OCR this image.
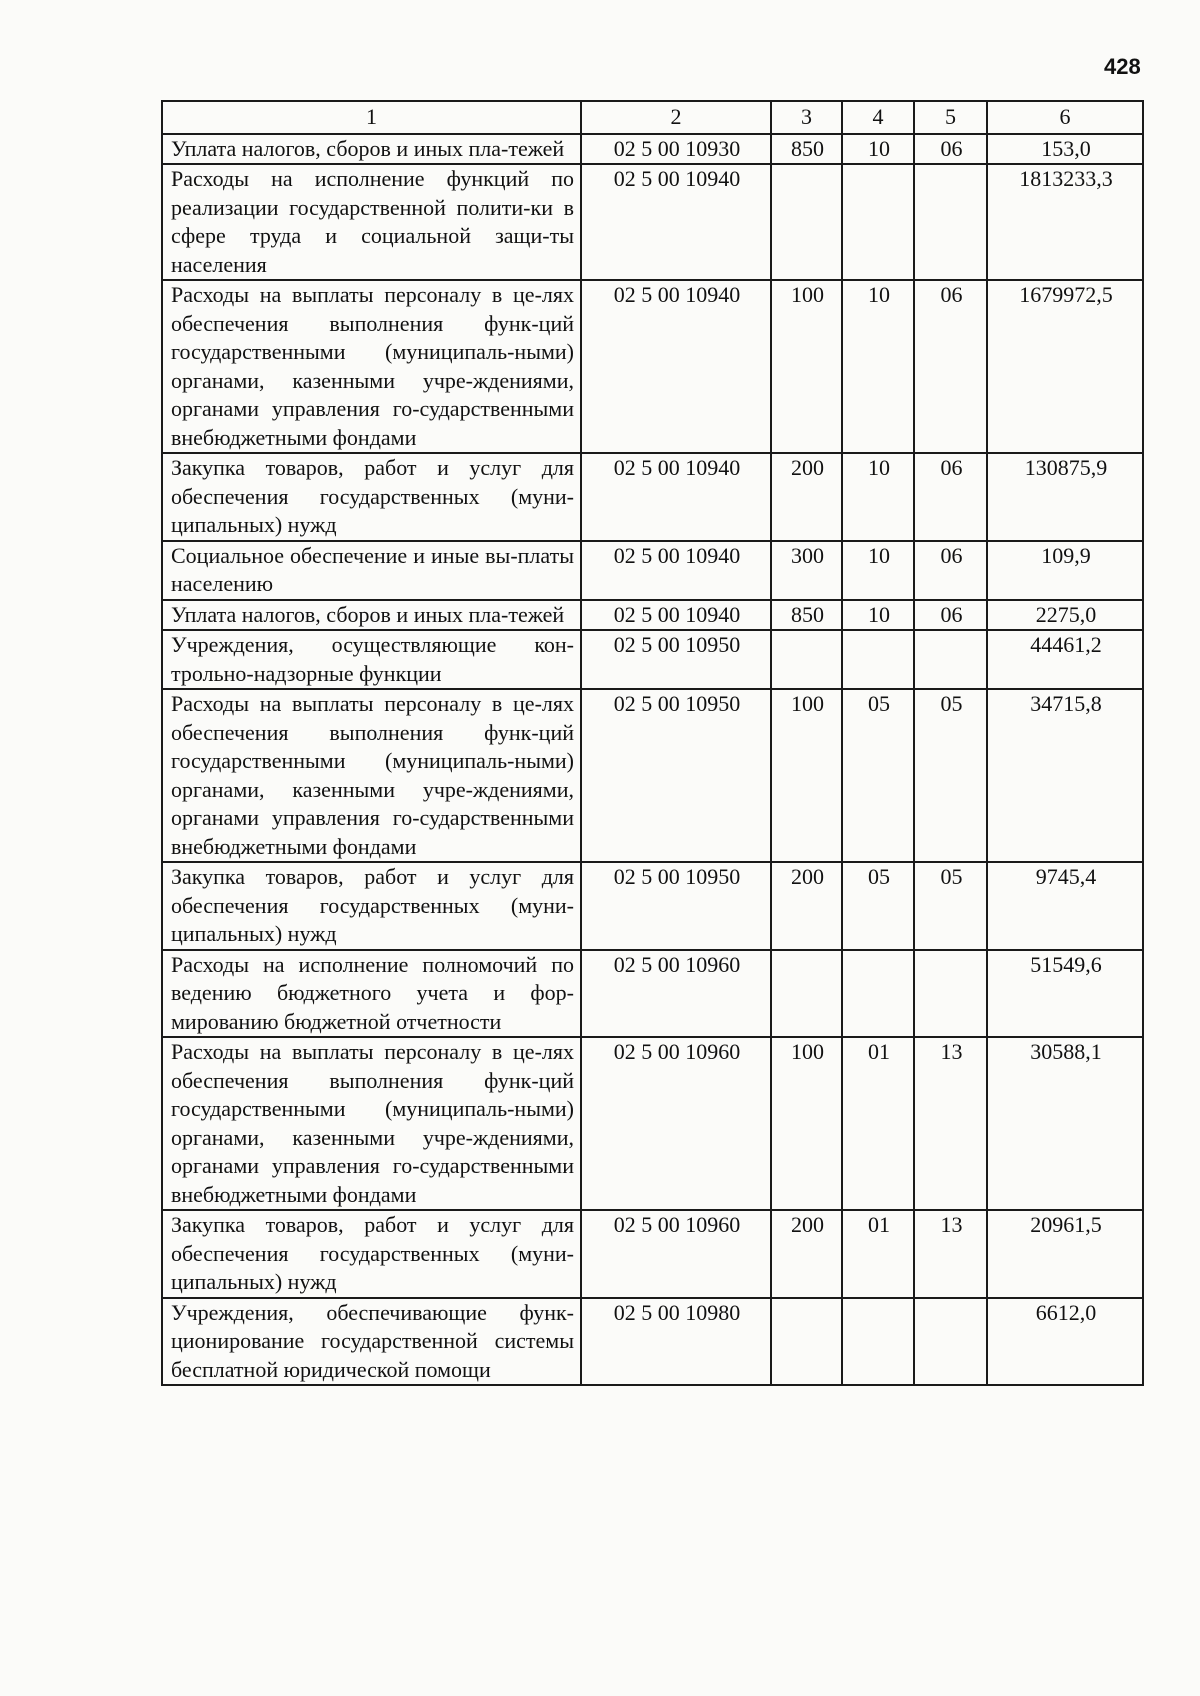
428
1	2	3	4	5	6
Уплата налогов, сборов и иных пла-тежей	02 5 00 10930	850	10	06	153,0
Расходы на исполнение функций по реализации государственной полити-ки в сфере труда и социальной защи-ты населения	02 5 00 10940				1813233,3
Расходы на выплаты персоналу в це-лях обеспечения выполнения функ-ций государственными (муниципаль-ными) органами, казенными учре-ждениями, органами управления го-сударственными внебюджетными фондами	02 5 00 10940	100	10	06	1679972,5
Закупка товаров, работ и услуг для обеспечения государственных (муни-ципальных) нужд	02 5 00 10940	200	10	06	130875,9
Социальное обеспечение и иные вы-платы населению	02 5 00 10940	300	10	06	109,9
Уплата налогов, сборов и иных пла-тежей	02 5 00 10940	850	10	06	2275,0
Учреждения, осуществляющие кон-трольно-надзорные функции	02 5 00 10950				44461,2
Расходы на выплаты персоналу в це-лях обеспечения выполнения функ-ций государственными (муниципаль-ными) органами, казенными учре-ждениями, органами управления го-сударственными внебюджетными фондами	02 5 00 10950	100	05	05	34715,8
Закупка товаров, работ и услуг для обеспечения государственных (муни-ципальных) нужд	02 5 00 10950	200	05	05	9745,4
Расходы на исполнение полномочий по ведению бюджетного учета и фор-мированию бюджетной отчетности	02 5 00 10960				51549,6
Расходы на выплаты персоналу в це-лях обеспечения выполнения функ-ций государственными (муниципаль-ными) органами, казенными учре-ждениями, органами управления го-сударственными внебюджетными фондами	02 5 00 10960	100	01	13	30588,1
Закупка товаров, работ и услуг для обеспечения государственных (муни-ципальных) нужд	02 5 00 10960	200	01	13	20961,5
Учреждения, обеспечивающие функ-ционирование государственной системы бесплатной юридической помощи	02 5 00 10980				6612,0
